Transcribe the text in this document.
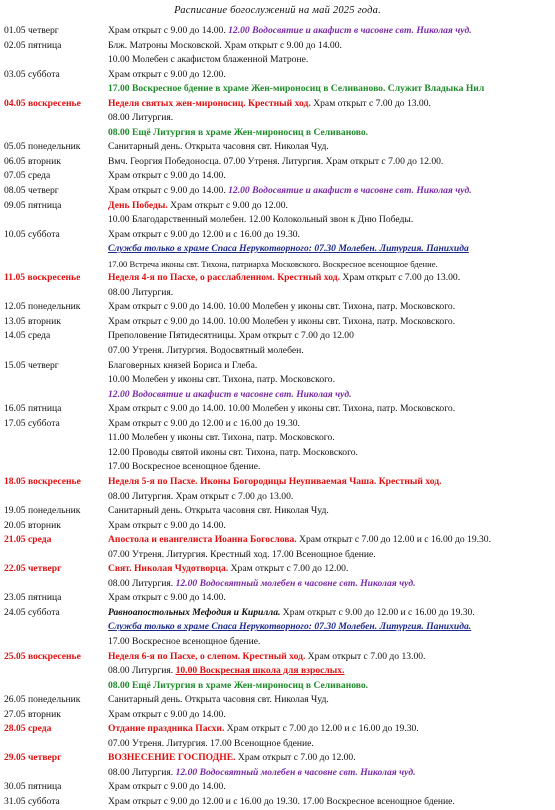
Расписание богослужений на май 2025 года.
01.05 четверг	Храм открыт с 9.00 до 14.00. 12.00 Водосвятие и акафист в часовне свт. Николая чуд.
02.05 пятница	Блж. Матроны Московской. Храм открыт с 9.00 до 14.00.
10.00 Молебен с акафистом блаженной Матроне.
03.05 суббота	Храм открыт с 9.00 до 12.00.
17.00 Воскресное бдение в храме Жен-мироносиц в Селиваново. Служит Владыка Нил
04.05 воскресенье	Неделя святых жен-мироносиц. Крестный ход. Храм открыт с 7.00 до 13.00.
08.00 Литургия.
08.00 Ещё Литургия в храме Жен-мироносиц в Селиваново.
05.05 понедельник	Санитарный день. Открыта часовня свт. Николая Чуд.
06.05 вторник	Вмч. Георгия Победоносца. 07.00 Утреня. Литургия. Храм открыт с 7.00 до 12.00.
07.05 среда	Храм открыт с 9.00 до 14.00.
08.05 четверг	Храм открыт с 9.00 до 14.00. 12.00 Водосвятие и акафист в часовне свт. Николая чуд.
09.05 пятница	День Победы. Храм открыт с 9.00 до 12.00.
10.00 Благодарственный молебен. 12.00 Колокольный звон к Дню Победы.
10.05 суббота	Храм открыт с 9.00 до 12.00 и с 16.00 до 19.30.
Служба только в храме Спаса Нерукотворного: 07.30 Молебен. Литургия. Панихида
17.00 Встреча иконы свт. Тихона, патриарха Московского. Воскресное всенощное бдение.
11.05 воскресенье	Неделя 4-я по Пасхе, о расслабленном. Крестный ход. Храм открыт с 7.00 до 13.00.
08.00 Литургия.
12.05 понедельник	Храм открыт с 9.00 до 14.00. 10.00 Молебен у иконы свт. Тихона, патр. Московского.
13.05 вторник	Храм открыт с 9.00 до 14.00. 10.00 Молебен у иконы свт. Тихона, патр. Московского.
14.05 среда	Преполовение Пятидесятницы. Храм открыт с 7.00 до 12.00
07.00 Утреня. Литургия. Водосвятный молебен.
15.05 четверг	Благоверных князей Бориса и Глеба.
10.00 Молебен у иконы свт. Тихона, патр. Московского.
12.00 Водосвятие и акафист в часовне свт. Николая чуд.
16.05 пятница	Храм открыт с 9.00 до 14.00. 10.00 Молебен у иконы свт. Тихона, патр. Московского.
17.05 суббота	Храм открыт с 9.00 до 12.00 и с 16.00 до 19.30.
11.00 Молебен у иконы свт. Тихона, патр. Московского.
12.00 Проводы святой иконы свт. Тихона, патр. Московского.
17.00 Воскресное всенощное бдение.
18.05 воскресенье	Неделя 5-я по Пасхе. Иконы Богородицы Неупиваемая Чаша. Крестный ход.
08.00 Литургия. Храм открыт с 7.00 до 13.00.
19.05 понедельник	Санитарный день. Открыта часовня свт. Николая Чуд.
20.05 вторник	Храм открыт с 9.00 до 14.00.
21.05 среда	Апостола и евангелиста Иоанна Богослова. Храм открыт с 7.00 до 12.00 и с 16.00 до 19.30.
07.00 Утреня. Литургия. Крестный ход. 17.00 Всенощное бдение.
22.05 четверг	Свят. Николая Чудотворца. Храм открыт с 7.00 до 12.00.
08.00 Литургия. 12.00 Водосвятный молебен в часовне свт. Николая чуд.
23.05 пятница	Храм открыт с 9.00 до 14.00.
24.05 суббота	Равноапостольных Мефодия и Кирилла. Храм открыт с 9.00 до 12.00 и с 16.00 до 19.30.
Служба только в храме Спаса Нерукотворного: 07.30 Молебен. Литургия. Панихида.
17.00 Воскресное всенощное бдение.
25.05 воскресенье	Неделя 6-я по Пасхе, о слепом. Крестный ход. Храм открыт с 7.00 до 13.00.
08.00 Литургия. 10.00 Воскресная школа для взрослых.
08.00 Ещё Литургия в храме Жен-мироносиц в Селиваново.
26.05 понедельник	Санитарный день. Открыта часовня свт. Николая Чуд.
27.05 вторник	Храм открыт с 9.00 до 14.00.
28.05 среда	Отдание праздника Пасхи. Храм открыт с 7.00 до 12.00 и с 16.00 до 19.30.
07.00 Утреня. Литургия. 17.00 Всенощное бдение.
29.05 четверг	ВОЗНЕСЕНИЕ ГОСПОДНЕ. Храм открыт с 7.00 до 12.00.
08.00 Литургия. 12.00 Водосвятный молебен в часовне свт. Николая чуд.
30.05 пятница	Храм открыт с 9.00 до 14.00.
31.05 суббота	Храм открыт с 9.00 до 12.00 и с 16.00 до 19.30. 17.00 Воскресное всенощное бдение.
